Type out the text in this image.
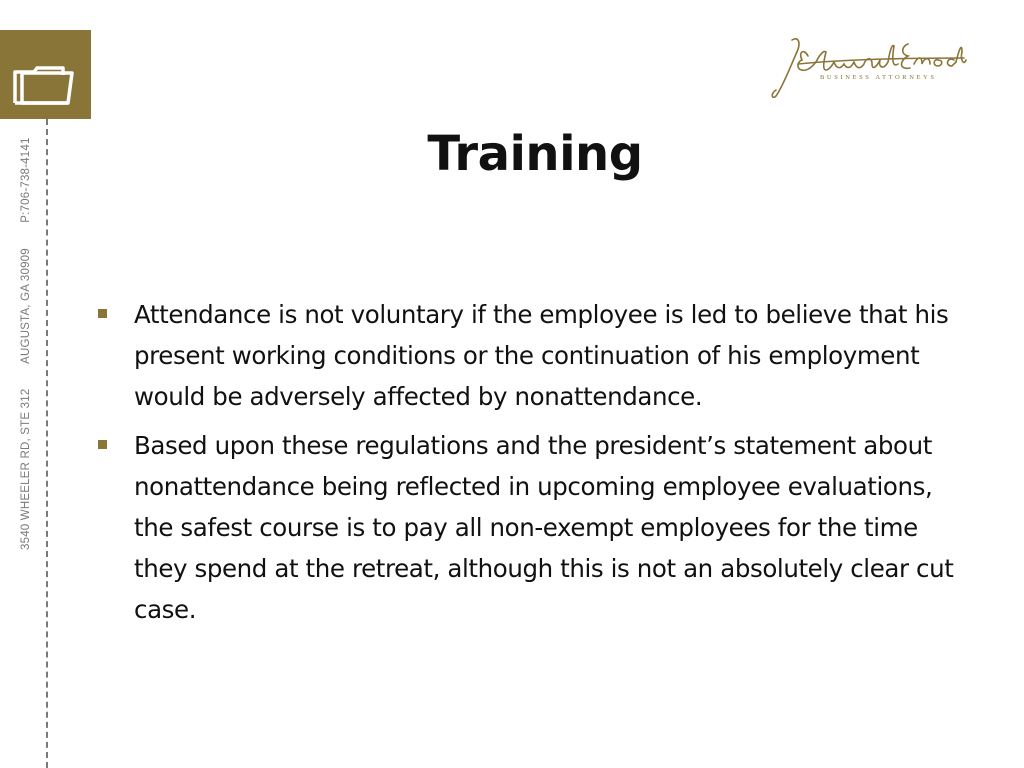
3540 WHEELER RD, STE 312 AUGUSTA, GA 30909 P:706-738-4141
BUSINESS ATTORNEYS
Training
Attendance is not voluntary if the employee is led to believe that his present working conditions or the continuation of his employment would be adversely affected by nonattendance.
Based upon these regulations and the president’s statement about nonattendance being reflected in upcoming employee evaluations, the safest course is to pay all non-exempt employees for the time they spend at the retreat, although this is not an absolutely clear cut case.
